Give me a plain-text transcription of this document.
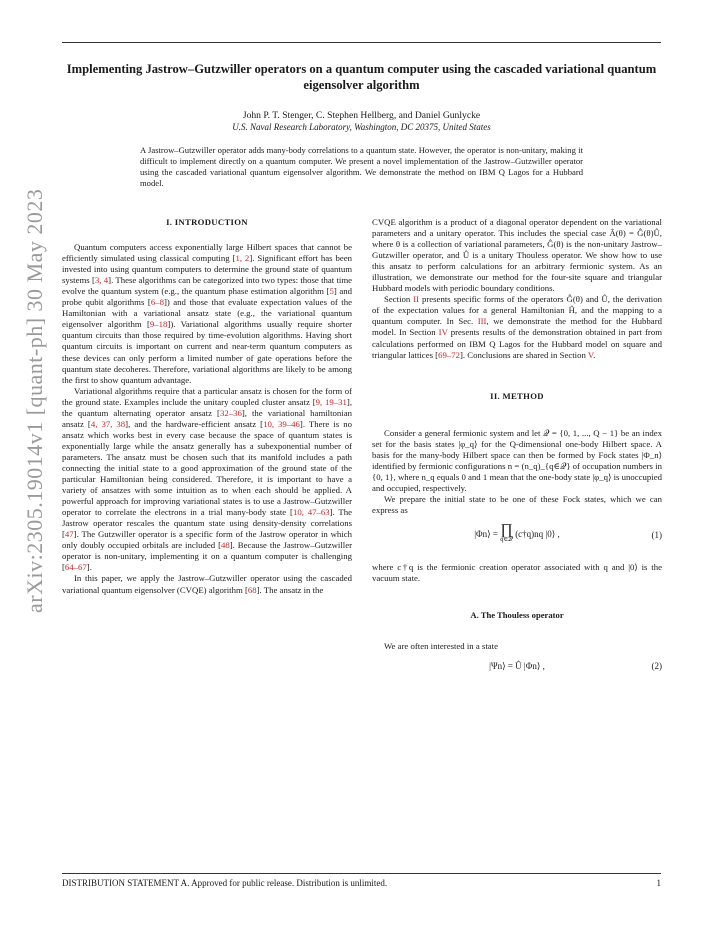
arXiv:2305.19014v1 [quant-ph] 30 May 2023
Implementing Jastrow–Gutzwiller operators on a quantum computer using the cascaded variational quantum eigensolver algorithm
John P. T. Stenger, C. Stephen Hellberg, and Daniel Gunlycke
U.S. Naval Research Laboratory, Washington, DC 20375, United States
A Jastrow–Gutzwiller operator adds many-body correlations to a quantum state. However, the operator is non-unitary, making it difficult to implement directly on a quantum computer. We present a novel implementation of the Jastrow–Gutzwiller operator using the cascaded variational quantum eigensolver algorithm. We demonstrate the method on IBM Q Lagos for a Hubbard model.
I. INTRODUCTION

Quantum computers access exponentially large Hilbert spaces that cannot be efficiently simulated using classical computing [1, 2]. Significant effort has been invested into using quantum computers to determine the ground state of quantum systems [3, 4]. These algorithms can be categorized into two types: those that time evolve the quantum system (e.g., the quantum phase estimation algorithm [5] and probe qubit algorithms [6–8]) and those that evaluate expectation values of the Hamiltonian with a variational ansatz state (e.g., the variational quantum eigensolver algorithm [9–18]). Variational algorithms usually require shorter quantum circuits than those required by time-evolution algorithms. Having short quantum circuits is important on current and near-term quantum computers as these devices can only perform a limited number of gate operations before the quantum state decoheres. Therefore, variational algorithms are likely to be among the first to show quantum advantage.

Variational algorithms require that a particular ansatz is chosen for the form of the ground state. Examples include the unitary coupled cluster ansatz [9, 19–31], the quantum alternating operator ansatz [32–36], the variational hamiltonian ansatz [4, 37, 38], and the hardware-efficient ansatz [10, 39–46]. There is no ansatz which works best in every case because the space of quantum states is exponentially large while the ansatz generally has a subexponential number of parameters. The ansatz must be chosen such that its manifold includes a path connecting the initial state to a good approximation of the ground state of the particular Hamiltonian being considered. Therefore, it is important to have a variety of ansatzes with some intuition as to when each should be applied. A powerful approach for improving variational states is to use a Jastrow–Gutzwiller operator to correlate the electrons in a trial many-body state [10, 47–63]. The Jastrow operator rescales the quantum state using density-density correlations [47]. The Gutzwiller operator is a specific form of the Jastrow operator in which only doubly occupied orbitals are included [48]. Because the Jastrow–Gutzwiller operator is non-unitary, implementing it on a quantum computer is challenging [64–67].

In this paper, we apply the Jastrow–Gutzwiller operator using the cascaded variational quantum eigensolver (CVQE) algorithm [68]. The ansatz in the

CVQE algorithm is a product of a diagonal operator dependent on the variational parameters and a unitary operator. This includes the special case Â(θ) = Ĝ(θ)Û, where θ is a collection of variational parameters, Ĝ(θ) is the non-unitary Jastrow–Gutzwiller operator, and Û is a unitary Thouless operator. We show how to use this ansatz to perform calculations for an arbitrary fermionic system. As an illustration, we demonstrate our method for the four-site square and triangular Hubbard models with periodic boundary conditions.

Section II presents specific forms of the operators Ĝ(θ) and Û, the derivation of the expectation values for a general Hamiltonian Ĥ, and the mapping to a quantum computer. In Sec. III, we demonstrate the method for the Hubbard model. In Section IV presents results of the demonstration obtained in part from calculations performed on IBM Q Lagos for the Hubbard model on square and triangular lattices [69–72]. Conclusions are shared in Section V.

II. METHOD

Consider a general fermionic system and let 𝒬 = {0, 1, ..., Q − 1} be an index set for the basis states |φ_q⟩ for the Q-dimensional one-body Hilbert space. A basis for the many-body Hilbert space can then be formed by Fock states |Φ_n⟩ identified by fermionic configurations n = (n_q)_{q∈𝒬} of occupation numbers in {0, 1}, where n_q equals 0 and 1 mean that the one-body state |φ_q⟩ is unoccupied and occupied, respectively.

We prepare the initial state to be one of these Fock states, which we can express as

|Φn⟩ = ∏
q∈𝒬
(c†q)nq |0⟩ ,	(1)

where c†q is the fermionic creation operator associated with q and |0⟩ is the vacuum state.

A. The Thouless operator

We are often interested in a state

|Ψn⟩ = Û |Φn⟩ ,	(2)
DISTRIBUTION STATEMENT A. Approved for public release. Distribution is unlimited.	1
